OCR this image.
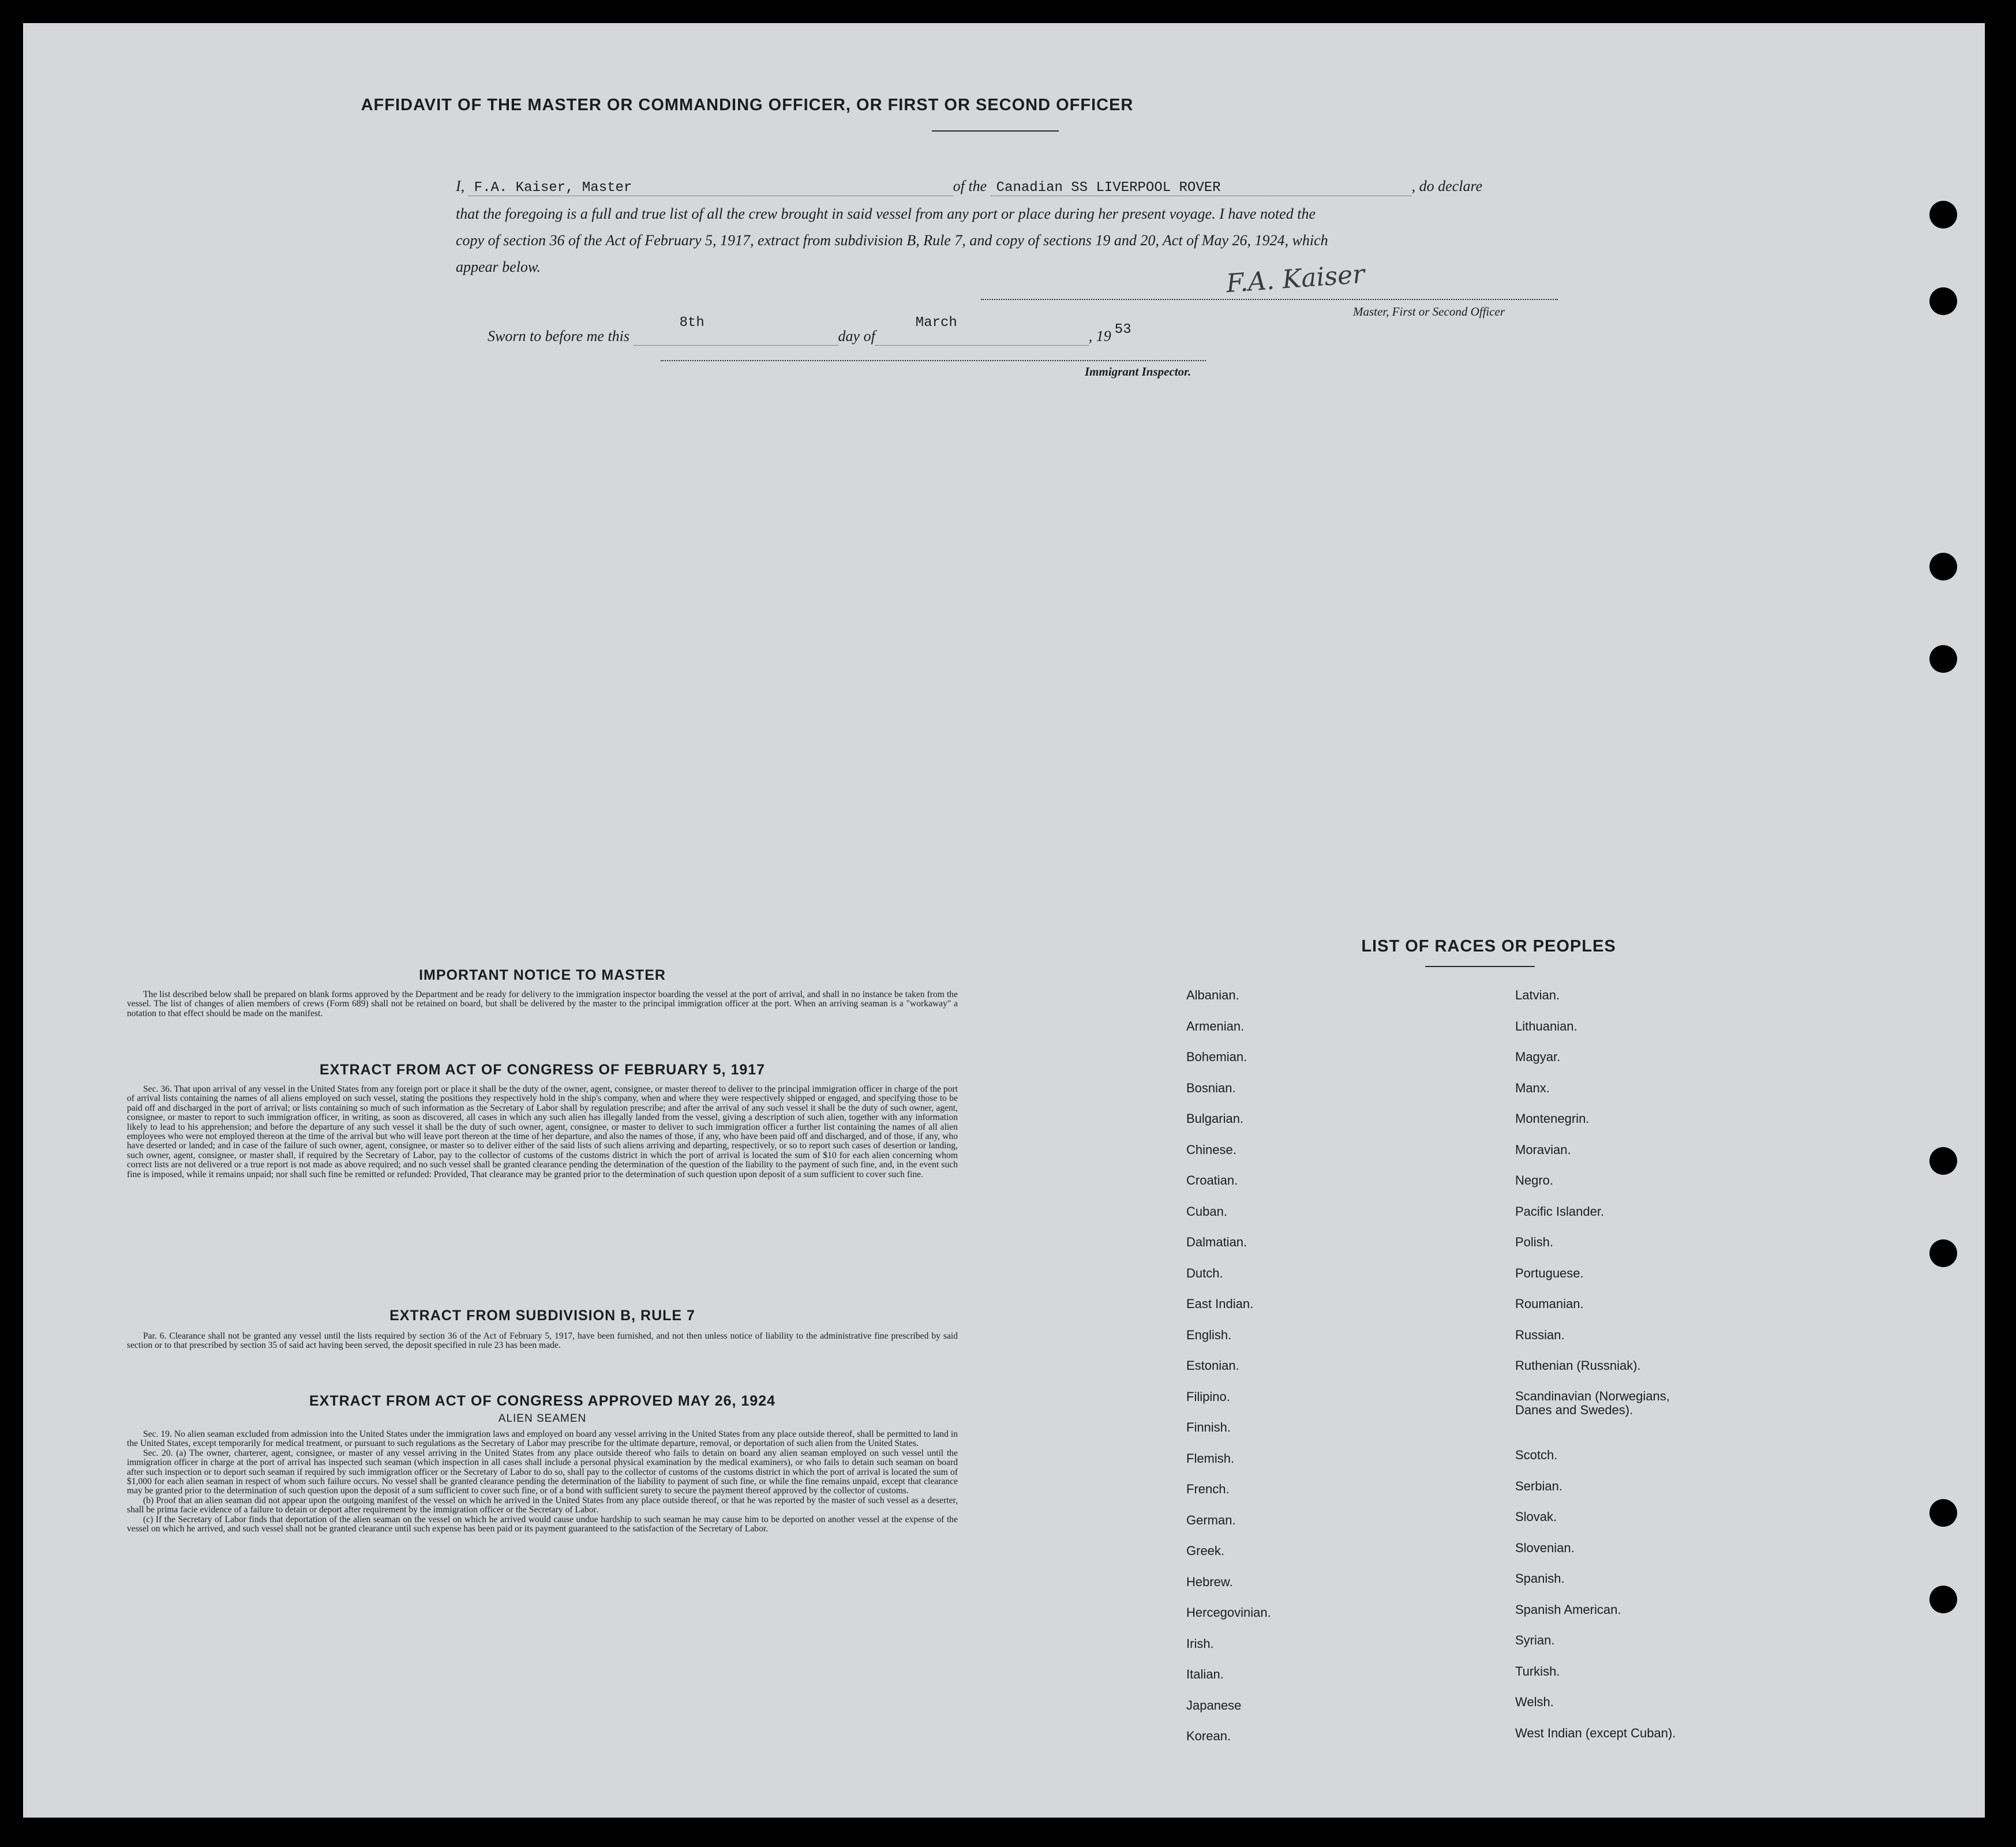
AFFIDAVIT OF THE MASTER OR COMMANDING OFFICER, OR FIRST OR SECOND OFFICER
I, F.A. Kaiser, Master	of the Canadian SS LIVERPOOL ROVER	, do declare
that the foregoing is a full and true list of all the crew brought in said vessel from any port or place during her present voyage. I have noted the
copy of section 36 of the Act of February 5, 1917, extract from subdivision B, Rule 7, and copy of sections 19 and 20, Act of May 26, 1924, which
appear below.	F.A. Kaiser
Master, First or Second Officer
Sworn to before me this
8th
day of
March
, 19 53
Immigrant Inspector.
IMPORTANT NOTICE TO MASTER

The list described below shall be prepared on blank forms approved by the Department and be ready for delivery to the immigration inspector boarding the vessel at the port of arrival, and shall in no instance be taken from the vessel. The list of changes of alien members of crews (Form 689) shall not be retained on board, but shall be delivered by the master to the principal immigration officer at the port. When an arriving seaman is a "workaway" a notation to that effect should be made on the manifest.

EXTRACT FROM ACT OF CONGRESS OF FEBRUARY 5, 1917

Sec. 36. That upon arrival of any vessel in the United States from any foreign port or place it shall be the duty of the owner, agent, consignee, or master thereof to deliver to the principal immigration officer in charge of the port of arrival lists containing the names of all aliens employed on such vessel, stating the positions they respectively hold in the ship's company, when and where they were respectively shipped or engaged, and specifying those to be paid off and discharged in the port of arrival; or lists containing so much of such information as the Secretary of Labor shall by regulation prescribe; and after the arrival of any such vessel it shall be the duty of such owner, agent, consignee, or master to report to such immigration officer, in writing, as soon as discovered, all cases in which any such alien has illegally landed from the vessel, giving a description of such alien, together with any information likely to lead to his apprehension; and before the departure of any such vessel it shall be the duty of such owner, agent, consignee, or master to deliver to such immigration officer a further list containing the names of all alien employees who were not employed thereon at the time of the arrival but who will leave port thereon at the time of her departure, and also the names of those, if any, who have been paid off and discharged, and of those, if any, who have deserted or landed; and in case of the failure of such owner, agent, consignee, or master so to deliver either of the said lists of such aliens arriving and departing, respectively, or so to report such cases of desertion or landing, such owner, agent, consignee, or master shall, if required by the Secretary of Labor, pay to the collector of customs of the customs district in which the port of arrival is located the sum of $10 for each alien concerning whom correct lists are not delivered or a true report is not made as above required; and no such vessel shall be granted clearance pending the determination of the question of the liability to the payment of such fine, and, in the event such fine is imposed, while it remains unpaid; nor shall such fine be remitted or refunded: Provided, That clearance may be granted prior to the determination of such question upon deposit of a sum sufficient to cover such fine.

EXTRACT FROM SUBDIVISION B, RULE 7

Par. 6. Clearance shall not be granted any vessel until the lists required by section 36 of the Act of February 5, 1917, have been furnished, and not then unless notice of liability to the administrative fine prescribed by said section or to that prescribed by section 35 of said act having been served, the deposit specified in rule 23 has been made.

EXTRACT FROM ACT OF CONGRESS APPROVED MAY 26, 1924
ALIEN SEAMEN

Sec. 19. No alien seaman excluded from admission into the United States under the immigration laws and employed on board any vessel arriving in the United States from any place outside thereof, shall be permitted to land in the United States, except temporarily for medical treatment, or pursuant to such regulations as the Secretary of Labor may prescribe for the ultimate departure, removal, or deportation of such alien from the United States.

Sec. 20. (a) The owner, charterer, agent, consignee, or master of any vessel arriving in the United States from any place outside thereof who fails to detain on board any alien seaman employed on such vessel until the immigration officer in charge at the port of arrival has inspected such seaman (which inspection in all cases shall include a personal physical examination by the medical examiners), or who fails to detain such seaman on board after such inspection or to deport such seaman if required by such immigration officer or the Secretary of Labor to do so, shall pay to the collector of customs of the customs district in which the port of arrival is located the sum of $1,000 for each alien seaman in respect of whom such failure occurs. No vessel shall be granted clearance pending the determination of the liability to payment of such fine, or while the fine remains unpaid, except that clearance may be granted prior to the determination of such question upon the deposit of a sum sufficient to cover such fine, or of a bond with sufficient surety to secure the payment thereof approved by the collector of customs.

(b) Proof that an alien seaman did not appear upon the outgoing manifest of the vessel on which he arrived in the United States from any place outside thereof, or that he was reported by the master of such vessel as a deserter, shall be prima facie evidence of a failure to detain or deport after requirement by the immigration officer or the Secretary of Labor.

(c) If the Secretary of Labor finds that deportation of the alien seaman on the vessel on which he arrived would cause undue hardship to such seaman he may cause him to be deported on another vessel at the expense of the vessel on which he arrived, and such vessel shall not be granted clearance until such expense has been paid or its payment guaranteed to the satisfaction of the Secretary of Labor.

LIST OF RACES OR PEOPLES
Albanian.
Armenian.
Bohemian.
Bosnian.
Bulgarian.
Chinese.
Croatian.
Cuban.
Dalmatian.
Dutch.
East Indian.
English.
Estonian.
Filipino.
Finnish.
Flemish.
French.
German.
Greek.
Hebrew.
Hercegovinian.
Irish.
Italian.
Japanese
Korean.
Latvian.
Lithuanian.
Magyar.
Manx.
Montenegrin.
Moravian.
Negro.
Pacific Islander.
Polish.
Portuguese.
Roumanian.
Russian.
Ruthenian (Russniak).
Scandinavian (Norwegians, Danes and Swedes).
Scotch.
Serbian.
Slovak.
Slovenian.
Spanish.
Spanish American.
Syrian.
Turkish.
Welsh.
West Indian (except Cuban).
